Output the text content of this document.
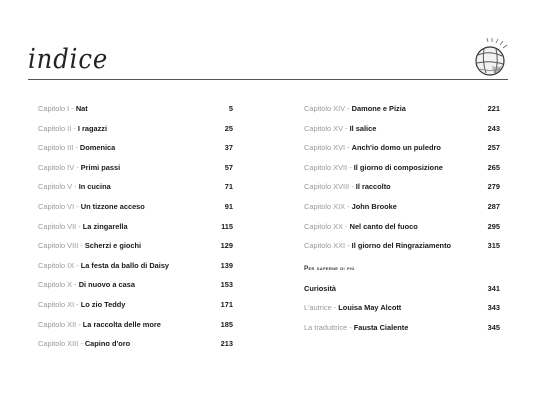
indice
Capitolo I - Nat	5
Capitolo II - I ragazzi	25
Capitolo III - Domenica	37
Capitolo IV - Primi passi	57
Capitolo V - In cucina	71
Capitolo VI - Un tizzone acceso	91
Capitolo VII - La zingarella	115
Capitolo VIII - Scherzi e giochi	129
Capitolo IX - La festa da ballo di Daisy	139
Capitolo X - Di nuovo a casa	153
Capitolo XI - Lo zio Teddy	171
Capitolo XII - La raccolta delle more	185
Capitolo XIII - Capino d'oro	213
Capitolo XIV - Damone e Pizia	221
Capitolo XV - Il salice	243
Capitolo XVI - Anch'io domo un puledro	257
Capitolo XVII - Il giorno di composizione	265
Capitolo XVIII - Il raccolto	279
Capitolo XIX - John Brooke	287
Capitolo XX - Nel canto del fuoco	295
Capitolo XXI - Il giorno del Ringraziamento	315
Per saperne di più
Curiosità	341
L'autrice - Louisa May Alcott	343
La traduttrice - Fausta Cialente	345
